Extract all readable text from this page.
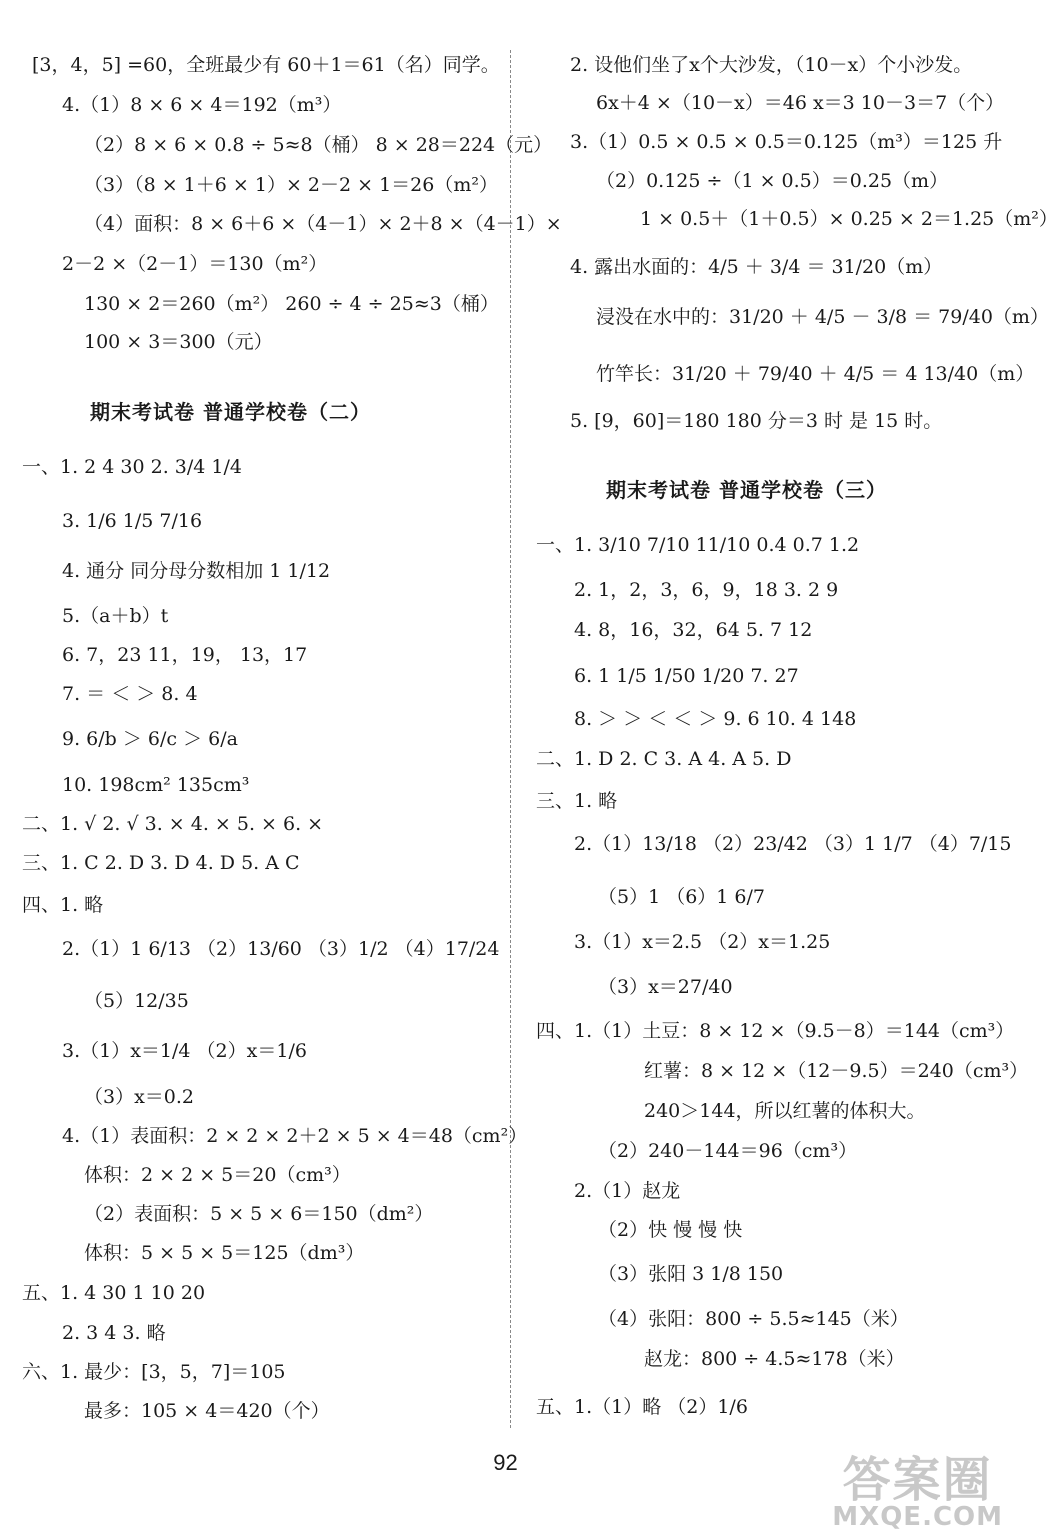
[3，4，5] =60，全班最少有 60＋1＝61（名）同学。
4.（1）8 × 6 × 4＝192（m³）
（2）8 × 6 × 0.8 ÷ 5≈8（桶） 8 × 28＝224（元）
（3）（8 × 1＋6 × 1）× 2－2 × 1＝26（m²）
（4）面积：8 × 6＋6 ×（4－1）× 2＋8 ×（4－1）×
2－2 ×（2－1）＝130（m²）
130 × 2＝260（m²） 260 ÷ 4 ÷ 25≈3（桶）
100 × 3＝300（元）
期末考试卷 普通学校卷（二）
一、1. 2 4 30 2. 3/4 1/4
3. 1/6 1/5 7/16
4. 通分 同分母分数相加 1 1/12
5.（a＋b）t
6. 7，23 11，19， 13，17
7. ＝ ＜ ＞ 8. 4
9. 6/b ＞ 6/c ＞ 6/a
10. 198cm² 135cm³
二、1. √ 2. √ 3. × 4. × 5. × 6. ×
三、1. C 2. D 3. D 4. D 5. A C
四、1. 略
2.（1）1 6/13 （2）13/60 （3）1/2 （4）17/24
（5）12/35
3.（1）x＝1/4 （2）x＝1/6
（3）x＝0.2
4.（1）表面积：2 × 2 × 2＋2 × 5 × 4＝48（cm²）
体积：2 × 2 × 5＝20（cm³）
（2）表面积：5 × 5 × 6＝150（dm²）
体积：5 × 5 × 5＝125（dm³）
五、1. 4 30 1 10 20
2. 3 4 3. 略
六、1. 最少：[3，5，7]＝105
最多：105 × 4＝420（个）
2. 设他们坐了x个大沙发，（10－x）个小沙发。
6x＋4 ×（10－x）＝46 x＝3 10－3＝7（个）
3.（1）0.5 × 0.5 × 0.5＝0.125（m³）＝125 升
（2）0.125 ÷（1 × 0.5）＝0.25（m）
1 × 0.5＋（1＋0.5）× 0.25 × 2＝1.25（m²）
4. 露出水面的：4/5 ＋ 3/4 ＝ 31/20（m）
浸没在水中的：31/20 ＋ 4/5 － 3/8 ＝ 79/40（m）
竹竿长：31/20 ＋ 79/40 ＋ 4/5 ＝ 4 13/40（m）
5. [9，60]＝180 180 分＝3 时 是 15 时。
期末考试卷 普通学校卷（三）
一、1. 3/10 7/10 11/10 0.4 0.7 1.2
2. 1，2，3，6，9，18 3. 2 9
4. 8，16，32，64 5. 7 12
6. 1 1/5 1/50 1/20 7. 27
8. ＞ ＞ ＜ ＜ ＞ 9. 6 10. 4 148
二、1. D 2. C 3. A 4. A 5. D
三、1. 略
2.（1）13/18 （2）23/42 （3）1 1/7 （4）7/15
（5）1 （6）1 6/7
3.（1）x＝2.5 （2）x＝1.25
（3）x＝27/40
四、1.（1）土豆：8 × 12 ×（9.5－8）＝144（cm³）
红薯：8 × 12 ×（12－9.5）＝240（cm³）
240＞144，所以红薯的体积大。
（2）240－144＝96（cm³）
2.（1）赵龙
（2）快 慢 慢 快
（3）张阳 3 1/8 150
（4）张阳：800 ÷ 5.5≈145（米）
赵龙：800 ÷ 4.5≈178（米）
五、1.（1）略 （2）1/6
92	答案圈
MXQE.COM
